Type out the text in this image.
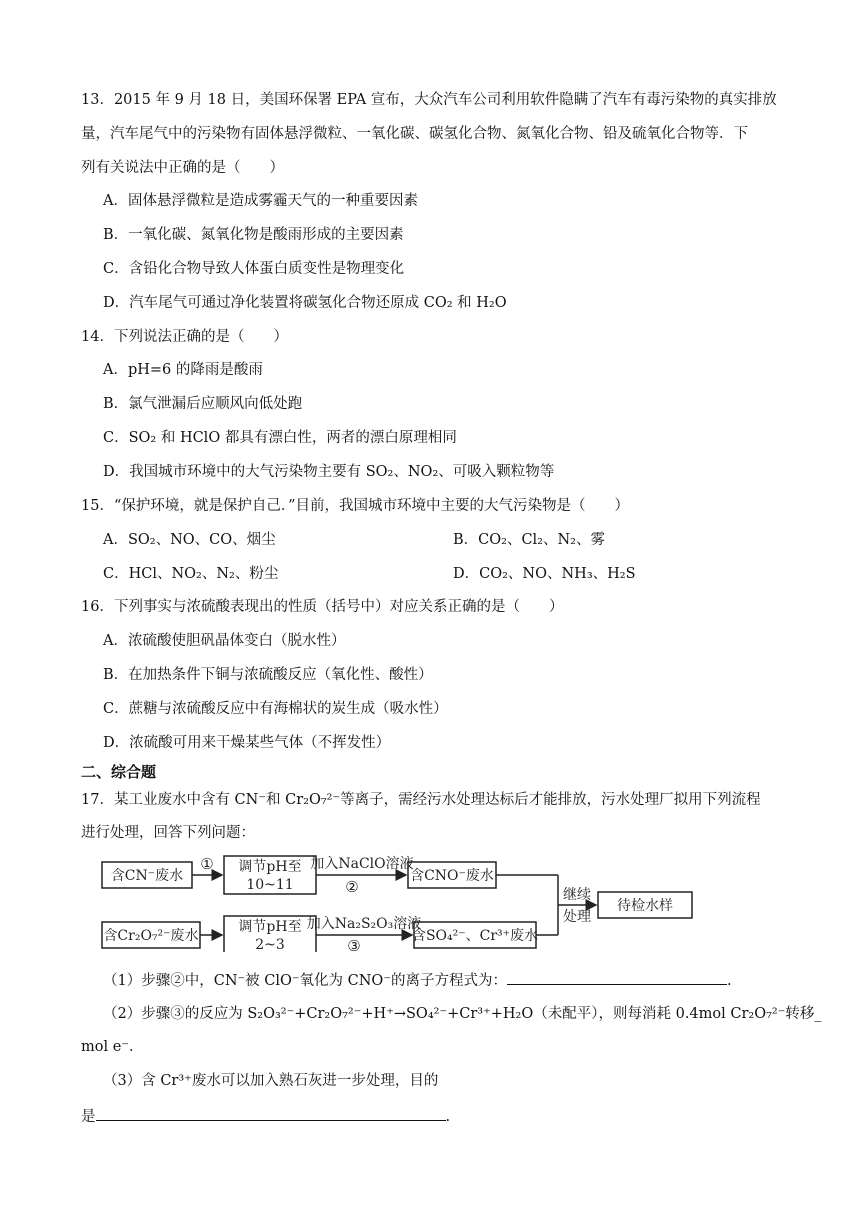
13．2015 年 9 月 18 日，美国环保署 EPA 宣布，大众汽车公司利用软件隐瞒了汽车有毒污染物的真实排放
量，汽车尾气中的污染物有固体悬浮微粒、一氧化碳、碳氢化合物、氮氧化合物、铅及硫氧化合物等．下
列有关说法中正确的是（　　）
A．固体悬浮微粒是造成雾霾天气的一种重要因素
B．一氧化碳、氮氧化物是酸雨形成的主要因素
C．含铅化合物导致人体蛋白质变性是物理变化
D．汽车尾气可通过净化装置将碳氢化合物还原成 CO₂ 和 H₂O
14．下列说法正确的是（　　）
A．pH=6 的降雨是酸雨
B．氯气泄漏后应顺风向低处跑
C．SO₂ 和 HClO 都具有漂白性，两者的漂白原理相同
D．我国城市环境中的大气污染物主要有 SO₂、NO₂、可吸入颗粒物等
15．“保护环境，就是保护自己．”目前，我国城市环境中主要的大气污染物是（　　）
A．SO₂、NO、CO、烟尘	B．CO₂、Cl₂、N₂、雾
C．HCl、NO₂、N₂、粉尘	D．CO₂、NO、NH₃、H₂S
16．下列事实与浓硫酸表现出的性质（括号中）对应关系正确的是（　　）
A．浓硫酸使胆矾晶体变白（脱水性）
B．在加热条件下铜与浓硫酸反应（氧化性、酸性）
C．蔗糖与浓硫酸反应中有海棉状的炭生成（吸水性）
D．浓硫酸可用来干燥某些气体（不挥发性）
二、综合题
17．某工业废水中含有 CN⁻和 Cr₂O₇²⁻等离子，需经污水处理达标后才能排放，污水处理厂拟用下列流程
进行处理，回答下列问题：
含CN⁻废水
① 调节pH至
10~11
加入NaClO溶液
②
含CNO⁻废水
含Cr₂O₇²⁻废水
调节pH至
2~3
加入Na₂S₂O₃溶液
③
含SO₄²⁻、Cr³⁺废水
继续
处理
待检水样
（1）步骤②中，CN⁻被 ClO⁻氧化为 CNO⁻的离子方程式为：	.
（2）步骤③的反应为 S₂O₃²⁻+Cr₂O₇²⁻+H⁺→SO₄²⁻+Cr³⁺+H₂O（未配平），则每消耗 0.4mol Cr₂O₇²⁻转移_
mol e⁻．
（3）含 Cr³⁺废水可以加入熟石灰进一步处理，目的
是	.
